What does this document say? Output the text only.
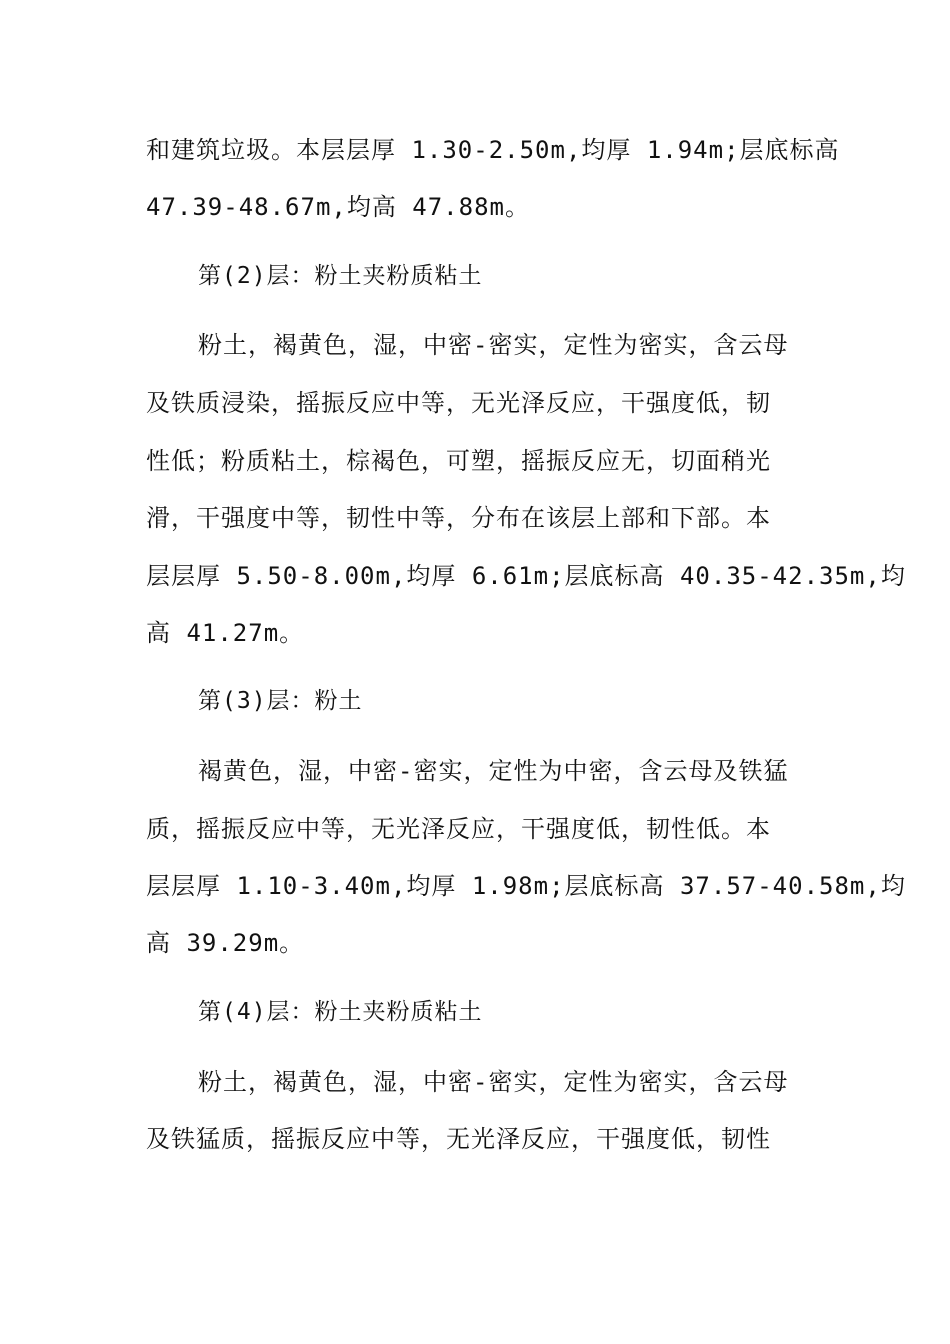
和建筑垃圾。本层层厚 1.30-2.50m,均厚 1.94m;层底标高
47.39-48.67m,均高 47.88m。
第(2)层：粉土夹粉质粘土
粉土，褐黄色，湿，中密-密实，定性为密实，含云母
及铁质浸染，摇振反应中等，无光泽反应，干强度低，韧
性低；粉质粘土，棕褐色，可塑，摇振反应无，切面稍光
滑，干强度中等，韧性中等，分布在该层上部和下部。本
层层厚 5.50-8.00m,均厚 6.61m;层底标高 40.35-42.35m,均
高 41.27m。
第(3)层：粉土
褐黄色，湿，中密-密实，定性为中密，含云母及铁猛
质，摇振反应中等，无光泽反应，干强度低，韧性低。本
层层厚 1.10-3.40m,均厚 1.98m;层底标高 37.57-40.58m,均
高 39.29m。
第(4)层：粉土夹粉质粘土
粉土，褐黄色，湿，中密-密实，定性为密实，含云母
及铁猛质，摇振反应中等，无光泽反应，干强度低，韧性
